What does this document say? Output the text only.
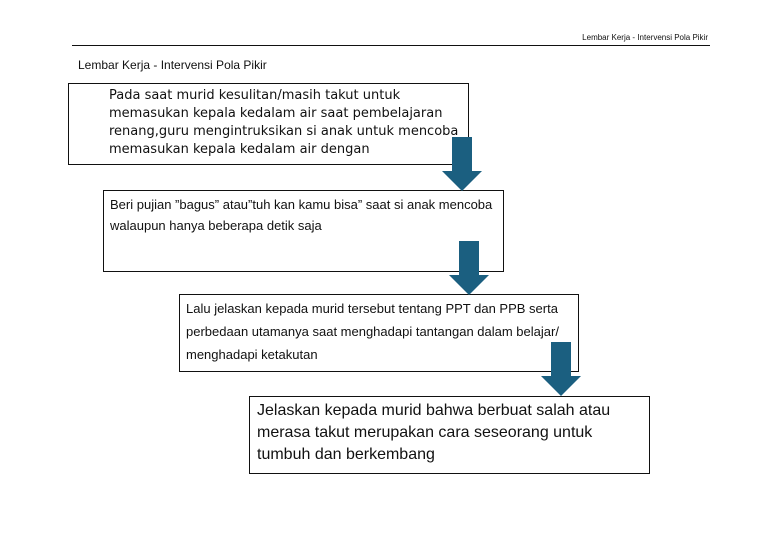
Lembar Kerja - Intervensi Pola Pikir
Lembar Kerja - Intervensi Pola Pikir
Pada saat murid kesulitan/masih takut untuk memasukan kepala kedalam air saat pembelajaran renang,guru mengintruksikan si anak untuk mencoba memasukan kepala kedalam air dengan
Beri pujian ”bagus” atau”tuh kan kamu bisa” saat si anak mencoba walaupun hanya beberapa detik saja
Lalu jelaskan kepada murid tersebut tentang PPT dan PPB serta perbedaan utamanya saat menghadapi tantangan dalam belajar/ menghadapi ketakutan
Jelaskan kepada murid bahwa berbuat salah atau merasa takut merupakan cara seseorang untuk tumbuh dan berkembang
